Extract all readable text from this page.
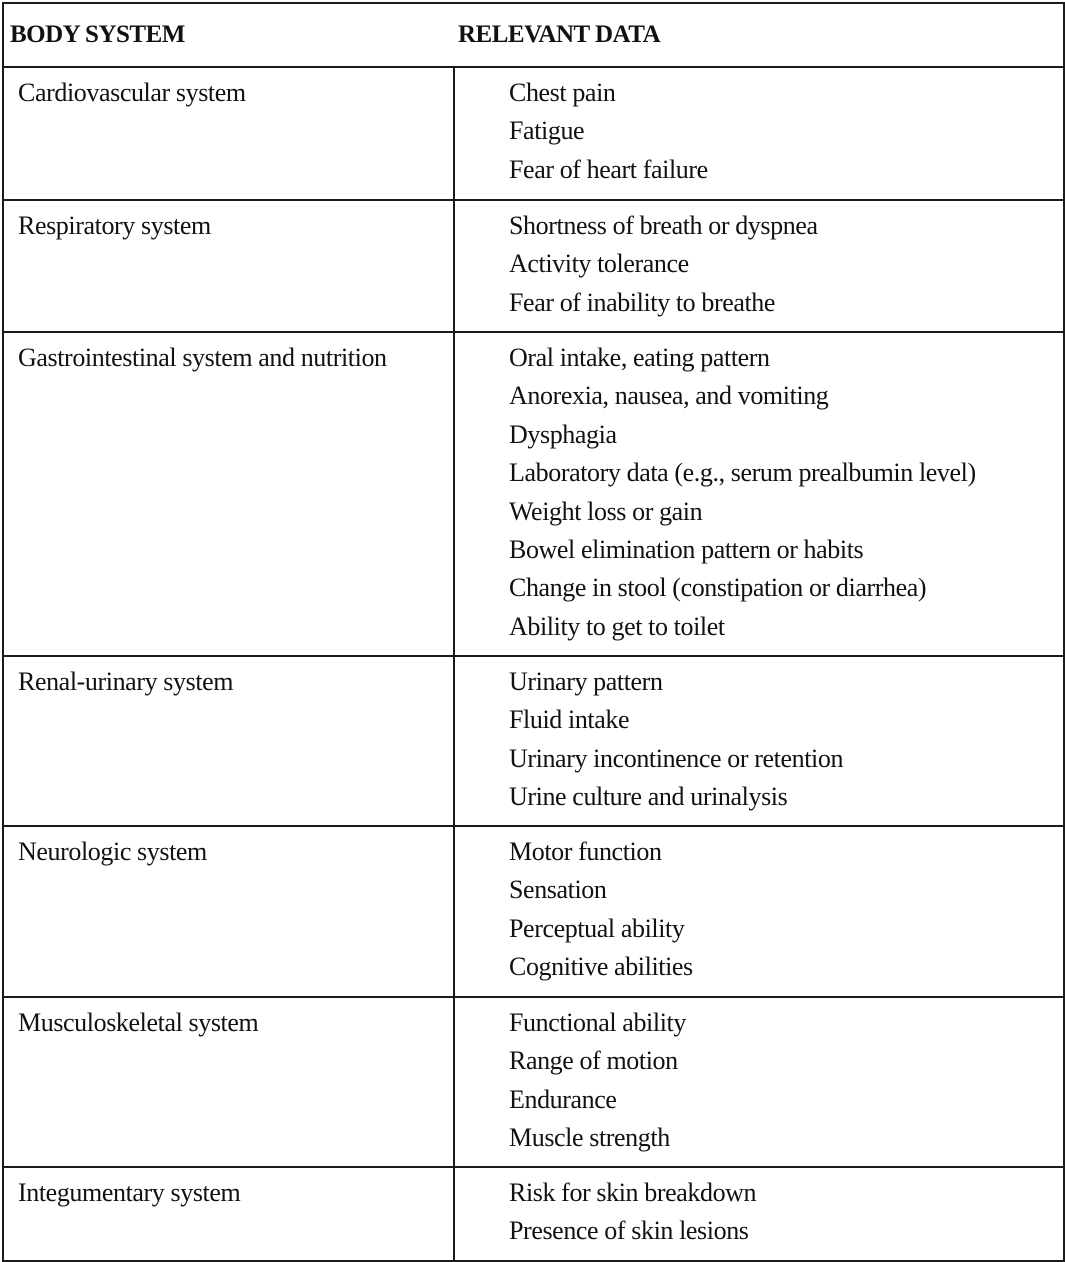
BODY SYSTEM	RELEVANT DATA
Cardiovascular system	Chest pain
Fatigue
Fear of heart failure
Respiratory system	Shortness of breath or dyspnea
Activity tolerance
Fear of inability to breathe
Gastrointestinal system and nutrition	Oral intake, eating pattern
Anorexia, nausea, and vomiting
Dysphagia
Laboratory data (e.g., serum prealbumin level)
Weight loss or gain
Bowel elimination pattern or habits
Change in stool (constipation or diarrhea)
Ability to get to toilet
Renal-urinary system	Urinary pattern
Fluid intake
Urinary incontinence or retention
Urine culture and urinalysis
Neurologic system	Motor function
Sensation
Perceptual ability
Cognitive abilities
Musculoskeletal system	Functional ability
Range of motion
Endurance
Muscle strength
Integumentary system	Risk for skin breakdown
Presence of skin lesions
